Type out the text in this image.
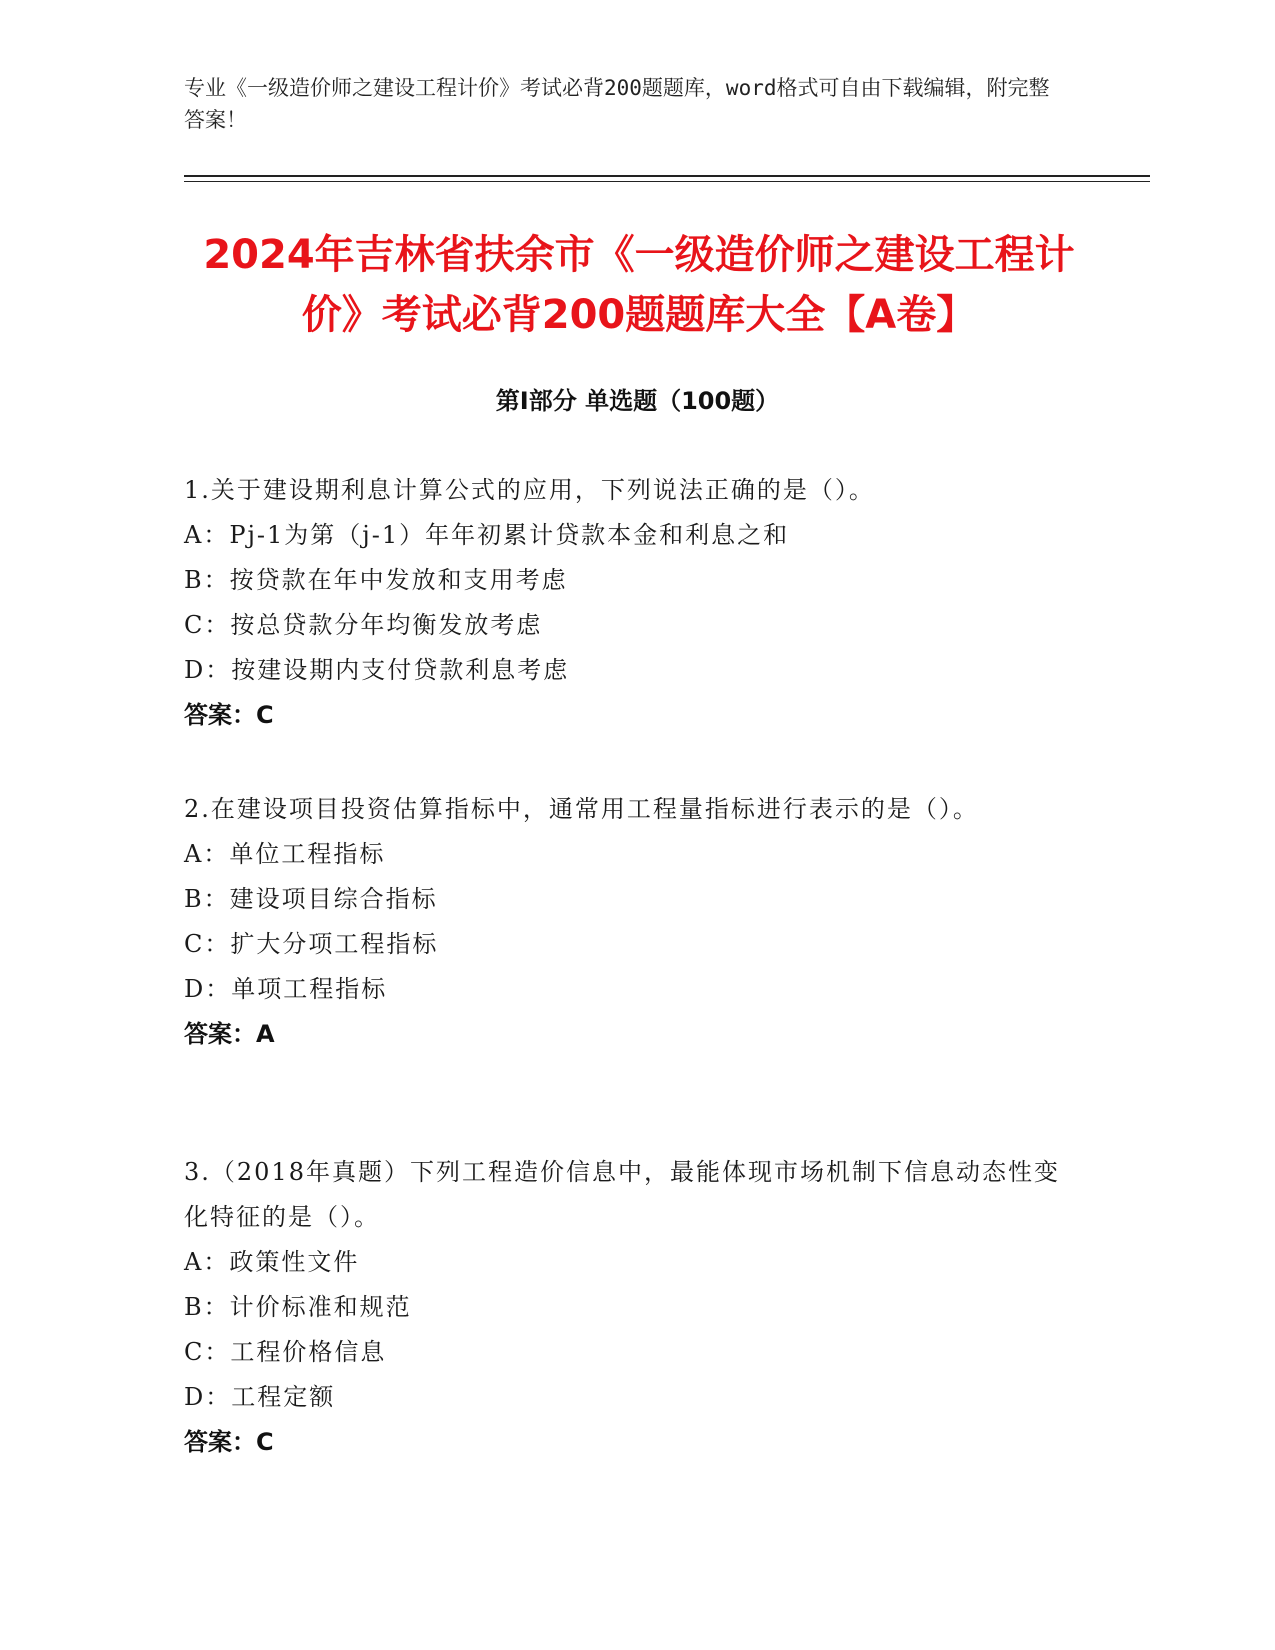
专业《一级造价师之建设工程计价》考试必背200题题库，word格式可自由下载编辑，附完整答案！
2024年吉林省扶余市《一级造价师之建设工程计价》考试必背200题题库大全【A卷】
第I部分 单选题（100题）

1.关于建设期利息计算公式的应用，下列说法正确的是（）。

A：Pj-1为第（j-1）年年初累计贷款本金和利息之和

B：按贷款在年中发放和支用考虑

C：按总贷款分年均衡发放考虑

D：按建设期内支付贷款利息考虑

答案：C

2.在建设项目投资估算指标中，通常用工程量指标进行表示的是（）。

A：单位工程指标

B：建设项目综合指标

C：扩大分项工程指标

D：单项工程指标

答案：A

3.（2018年真题）下列工程造价信息中，最能体现市场机制下信息动态性变化特征的是（）。

A：政策性文件

B：计价标准和规范

C：工程价格信息

D：工程定额

答案：C
